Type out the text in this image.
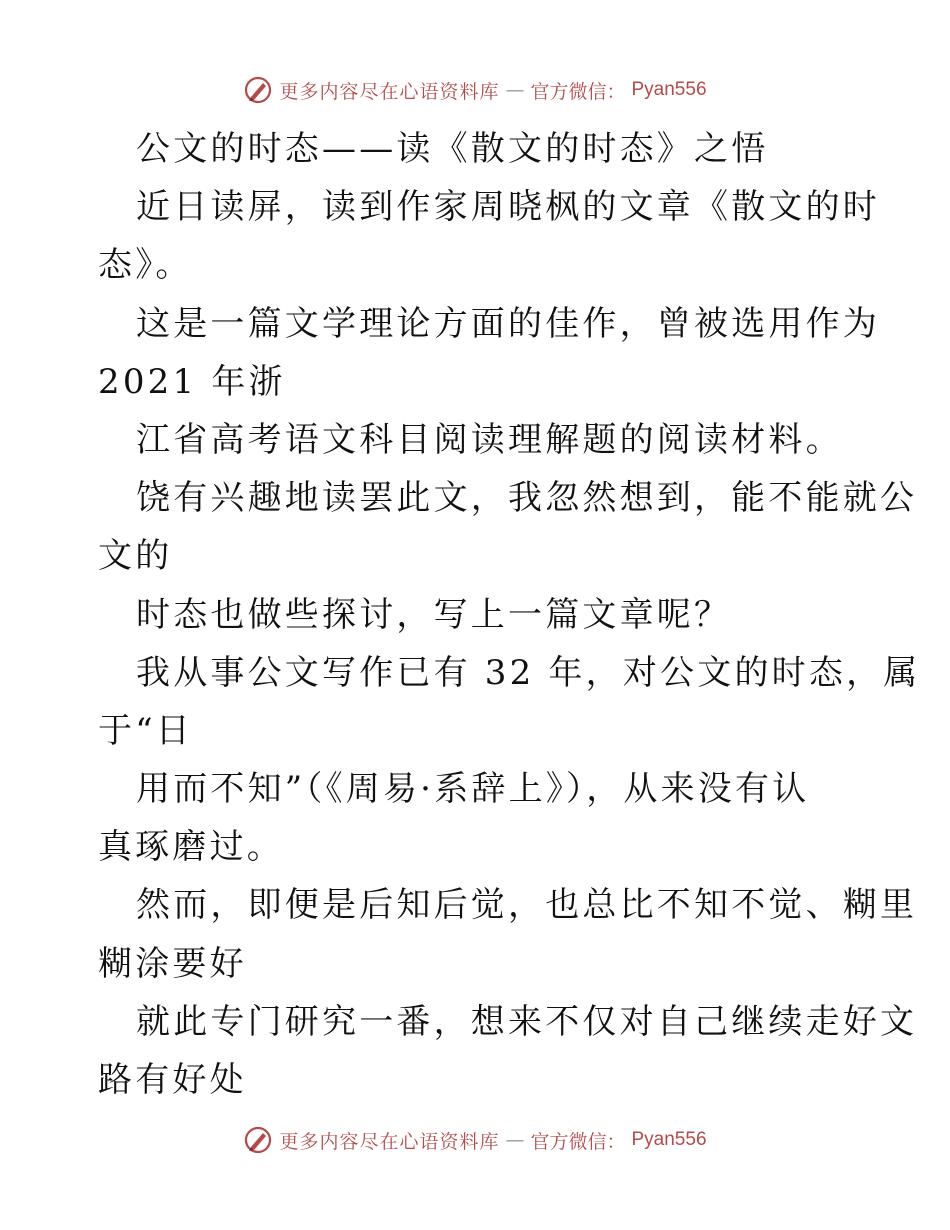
更多内容尽在心语资料库 — 官方微信： Pyan556
公文的时态——读《散文的时态》之悟
近日读屏，读到作家周晓枫的文章《散文的时
态》。
这是一篇文学理论方面的佳作，曾被选用作为
2021 年浙
江省高考语文科目阅读理解题的阅读材料。
饶有兴趣地读罢此文，我忽然想到，能不能就公
文的
时态也做些探讨，写上一篇文章呢？
我从事公文写作已有 32 年，对公文的时态，属
于“日
用而不知”（《周易·系辞上》），从来没有认
真琢磨过。
然而，即便是后知后觉，也总比不知不觉、糊里
糊涂要好
就此专门研究一番，想来不仅对自己继续走好文
路有好处
更多内容尽在心语资料库 — 官方微信： Pyan556
